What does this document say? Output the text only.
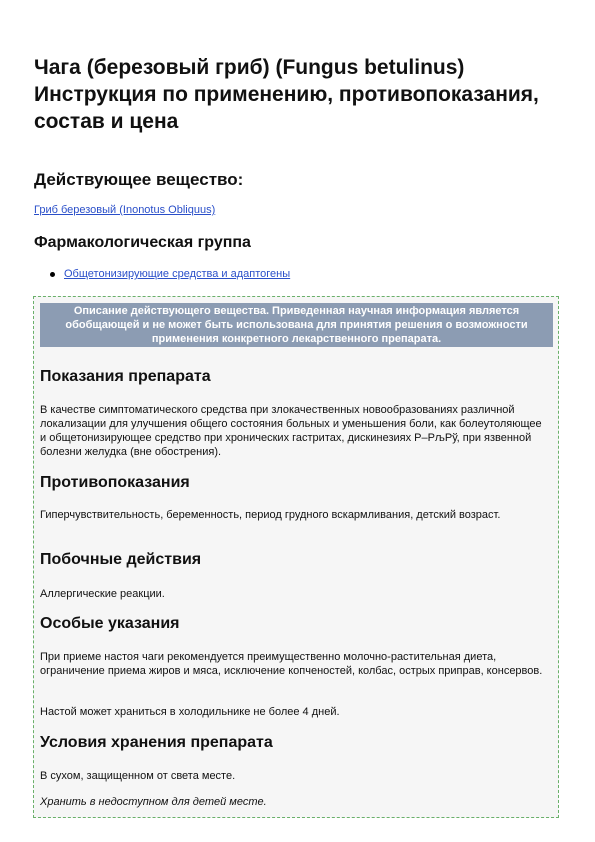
Чага (березовый гриб) (Fungus betulinus) Инструкция по применению, противопоказания, состав и цена
Действующее вещество:
Гриб березовый (Inonotus Obliquus)
Фармакологическая группа
Общетонизирующие средства и адаптогены
Описание действующего вещества. Приведенная научная информация является обобщающей и не может быть использована для принятия решения о возможности применения конкретного лекарственного препарата.
Показания препарата
В качестве симптоматического средства при злокачественных новообразованиях различной локализации для улучшения общего состояния больных и уменьшения боли, как болеутоляющее и общетонизирующее средство при хронических гастритах, дискинезиях Р–РљРў, при язвенной болезни желудка (вне обострения).
Противопоказания
Гиперчувствительность, беременность, период грудного вскармливания, детский возраст.
Побочные действия
Аллергические реакции.
Особые указания
При приеме настоя чаги рекомендуется преимущественно молочно-растительная диета, ограничение приема жиров и мяса, исключение копченостей, колбас, острых приправ, консервов.
Настой может храниться в холодильнике не более 4 дней.
Условия хранения препарата
В сухом, защищенном от света месте.
Хранить в недоступном для детей месте.
